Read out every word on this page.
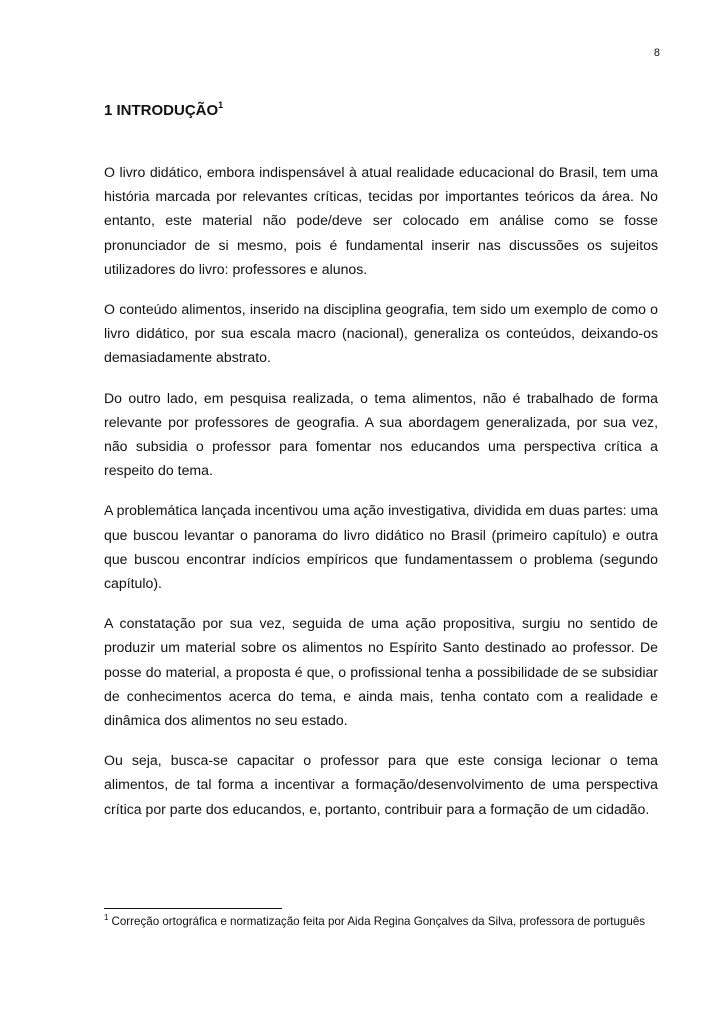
8
1 INTRODUÇÃO$^1$

O livro didático, embora indispensável à atual realidade educacional do Brasil, tem uma história marcada por relevantes críticas, tecidas por importantes teóricos da área. No entanto, este material não pode/deve ser colocado em análise como se fosse pronunciador de si mesmo, pois é fundamental inserir nas discussões os sujeitos utilizadores do livro: professores e alunos.

O conteúdo alimentos, inserido na disciplina geografia, tem sido um exemplo de como o livro didático, por sua escala macro (nacional), generaliza os conteúdos, deixando-os demasiadamente abstrato.

Do outro lado, em pesquisa realizada, o tema alimentos, não é trabalhado de forma relevante por professores de geografia. A sua abordagem generalizada, por sua vez, não subsidia o professor para fomentar nos educandos uma perspectiva crítica a respeito do tema.

A problemática lançada incentivou uma ação investigativa, dividida em duas partes: uma que buscou levantar o panorama do livro didático no Brasil (primeiro capítulo) e outra que buscou encontrar indícios empíricos que fundamentassem o problema (segundo capítulo).

A constatação por sua vez, seguida de uma ação propositiva, surgiu no sentido de produzir um material sobre os alimentos no Espírito Santo destinado ao professor. De posse do material, a proposta é que, o profissional tenha a possibilidade de se subsidiar de conhecimentos acerca do tema, e ainda mais, tenha contato com a realidade e dinâmica dos alimentos no seu estado.

Ou seja, busca-se capacitar o professor para que este consiga lecionar o tema alimentos, de tal forma a incentivar a formação/desenvolvimento de uma perspectiva crítica por parte dos educandos, e, portanto, contribuir para a formação de um cidadão.

$^1$ Correção ortográfica e normatização feita por Aida Regina Gonçalves da Silva, professora de português
